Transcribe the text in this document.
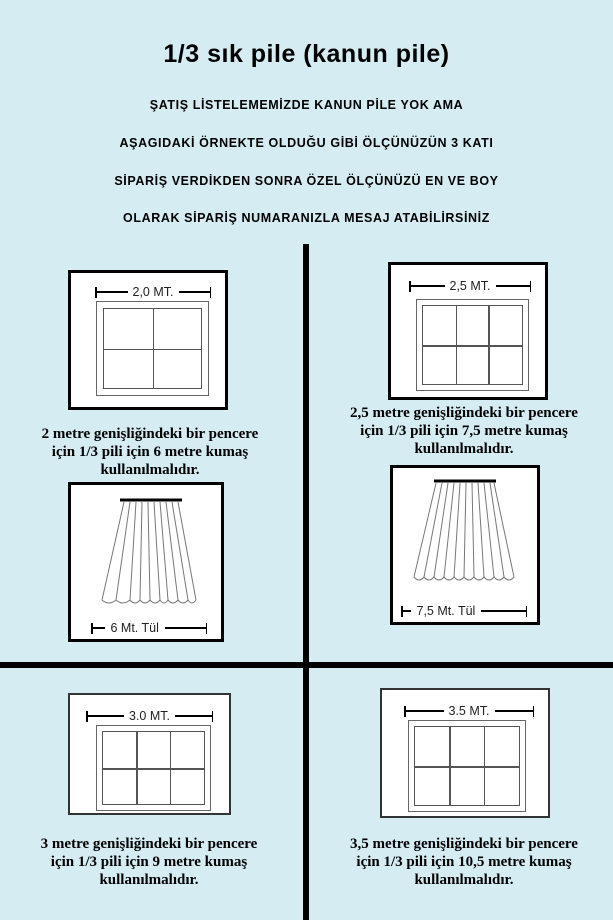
1/3 sık pile (kanun pile)
ŞATIŞ LİSTELEMEMİZDE KANUN PİLE YOK AMA
AŞAGIDAKİ ÖRNEKTE OLDUĞU GİBİ ÖLÇÜNÜZÜN 3 KATI
SİPARİŞ VERDİKDEN SONRA ÖZEL ÖLÇÜNÜZÜ EN VE BOY
OLARAK SİPARİŞ NUMARANIZLA MESAJ ATABİLİRSİNİZ
2,0 MT.
2 metre genişliğindeki bir pencere
için 1/3 pili için 6 metre kumaş
kullanılmalıdır.
6 Mt. Tül
2,5 MT.
2,5 metre genişliğindeki bir pencere
için 1/3 pili için 7,5 metre kumaş
kullanılmalıdır.
7,5 Mt. Tül
3.0 MT.
3 metre genişliğindeki bir pencere
için 1/3 pili için 9 metre kumaş
kullanılmalıdır.
3.5 MT.
3,5 metre genişliğindeki bir pencere
için 1/3 pili için 10,5 metre kumaş
kullanılmalıdır.
